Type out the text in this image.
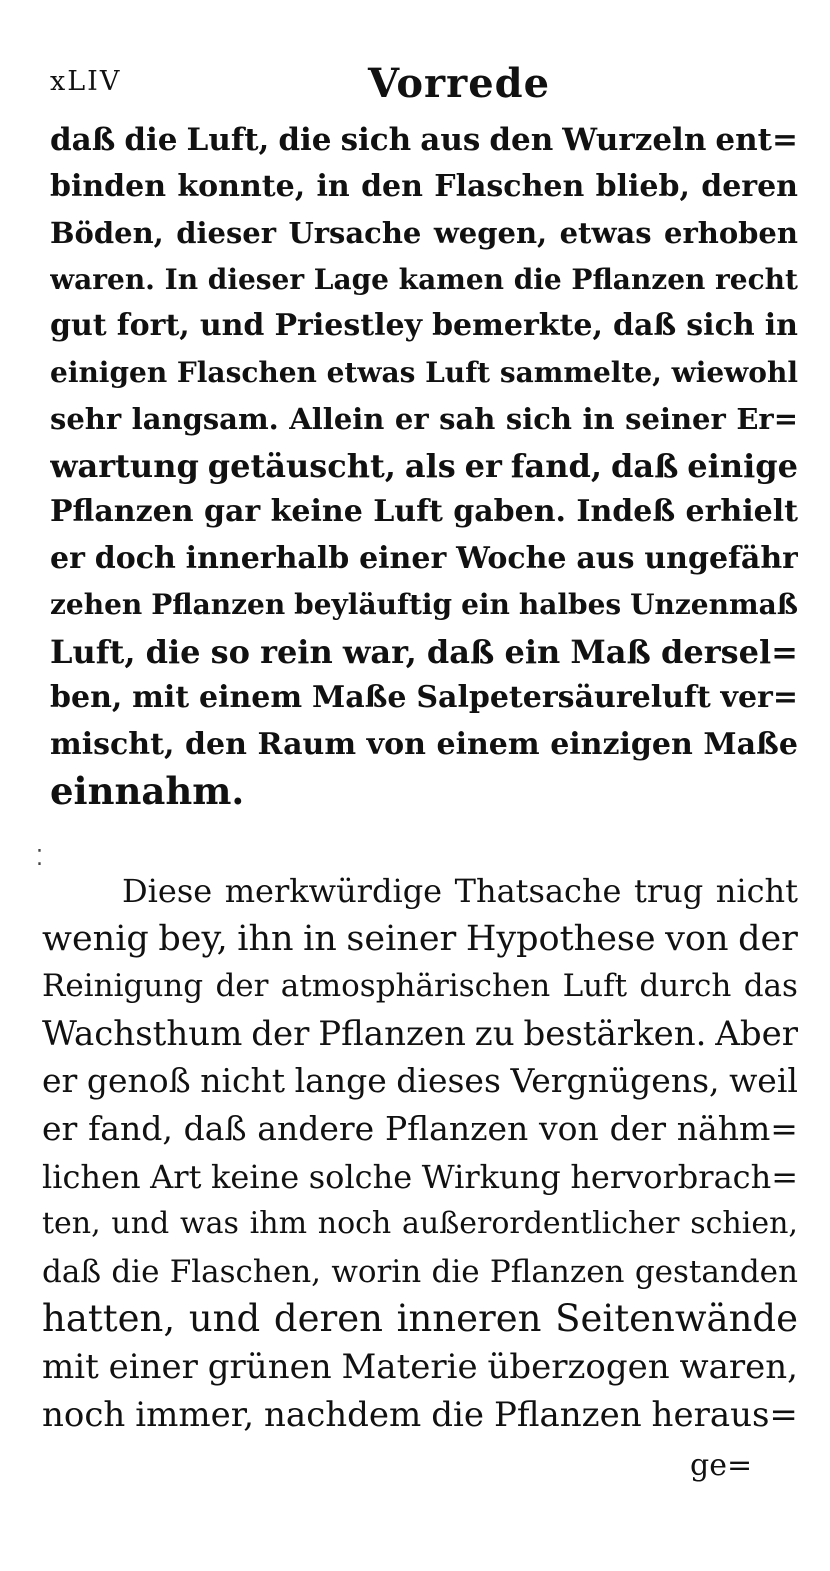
xLIV	Vorrede
daß die Luft, die sich aus den Wurzeln ent=
binden konnte, in den Flaschen blieb, deren
Böden, dieser Ursache wegen, etwas erhoben
waren. In dieser Lage kamen die Pflanzen recht
gut fort, und Priestley bemerkte, daß sich in
einigen Flaschen etwas Luft sammelte, wiewohl
sehr langsam. Allein er sah sich in seiner Er=
wartung getäuscht, als er fand, daß einige
Pflanzen gar keine Luft gaben. Indeß erhielt
er doch innerhalb einer Woche aus ungefähr
zehen Pflanzen beyläuftig ein halbes Unzenmaß
Luft, die so rein war, daß ein Maß dersel=
ben, mit einem Maße Salpetersäureluft ver=
mischt, den Raum von einem einzigen Maße
einnahm.
Diese merkwürdige Thatsache trug nicht
wenig bey, ihn in seiner Hypothese von der
Reinigung der atmosphärischen Luft durch das
Wachsthum der Pflanzen zu bestärken. Aber
er genoß nicht lange dieses Vergnügens, weil
er fand, daß andere Pflanzen von der nähm=
lichen Art keine solche Wirkung hervorbrach=
ten, und was ihm noch außerordentlicher schien,
daß die Flaschen, worin die Pflanzen gestanden
hatten, und deren inneren Seitenwände
mit einer grünen Materie überzogen waren,
noch immer, nachdem die Pflanzen heraus=
⁚
ge=
